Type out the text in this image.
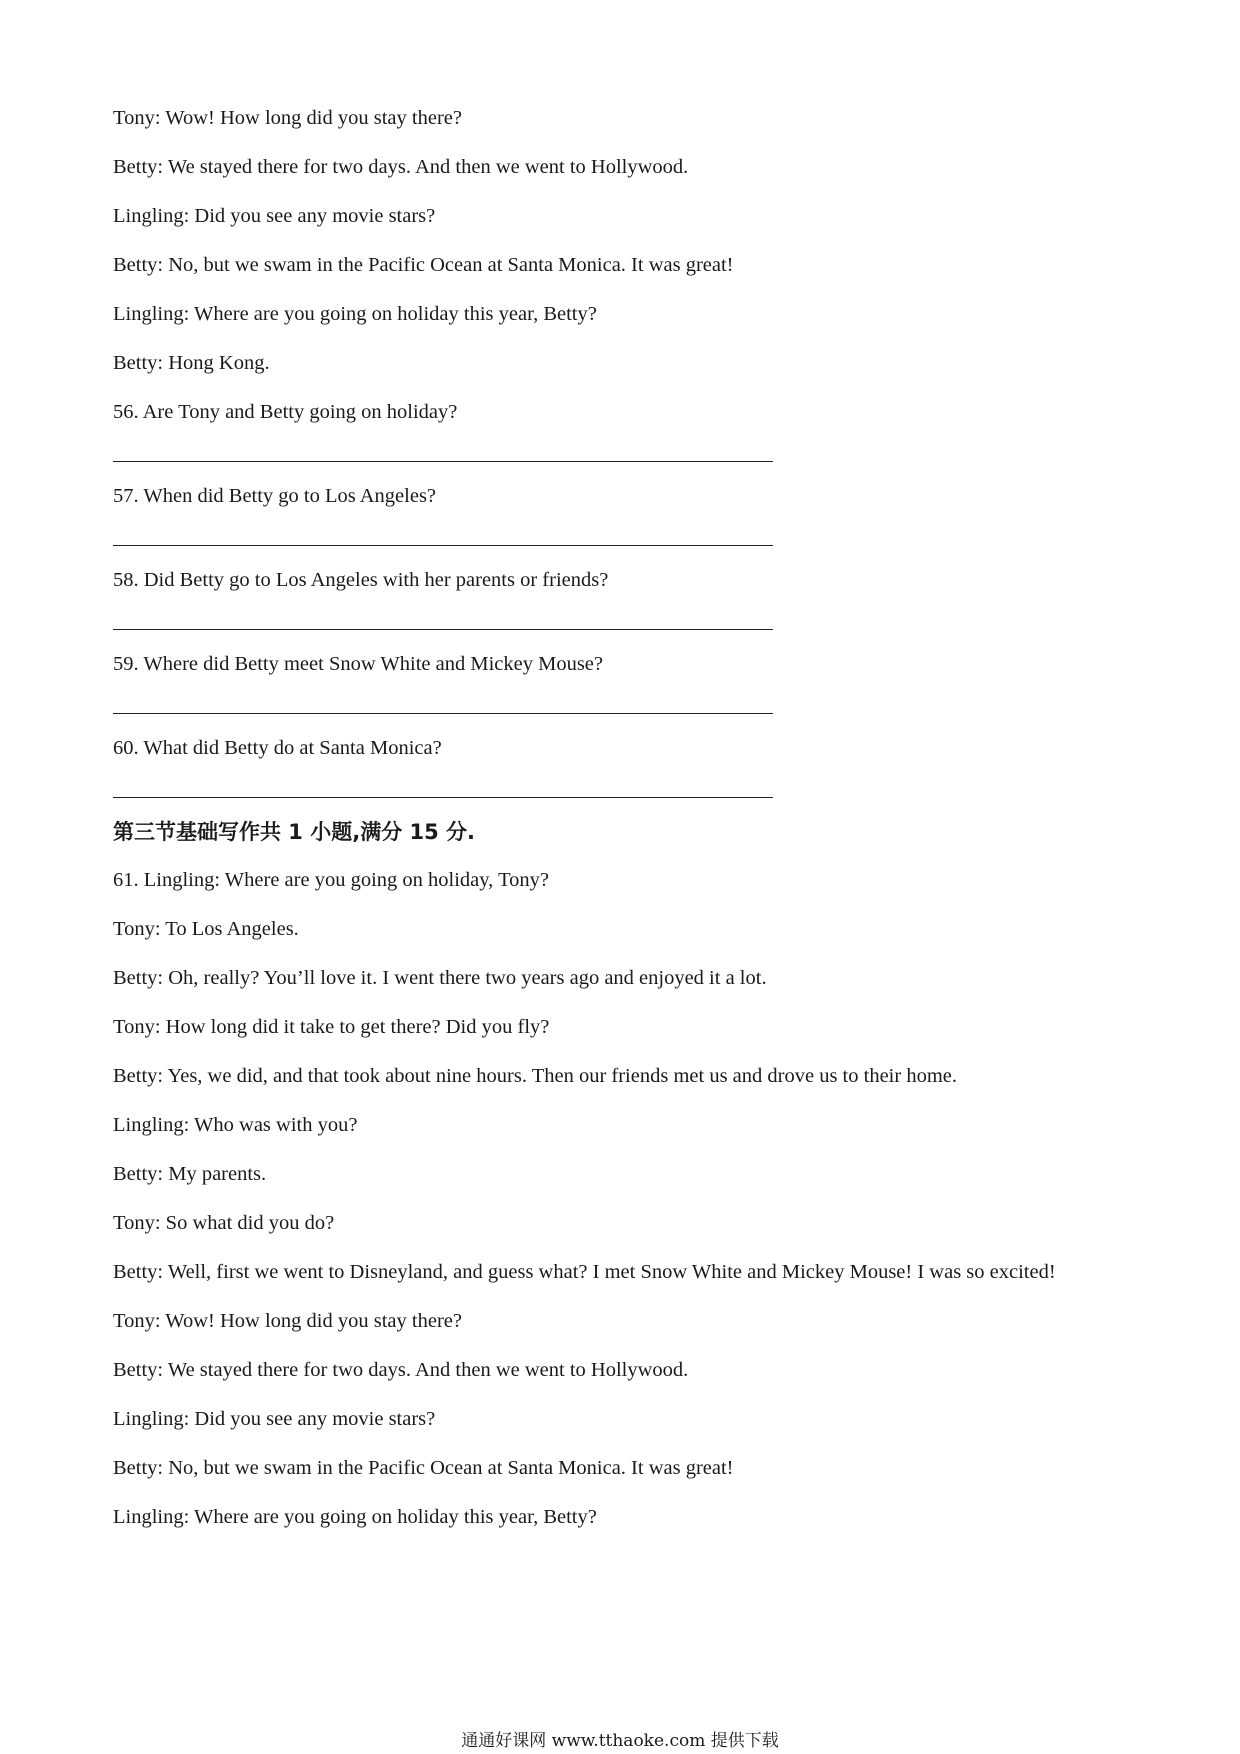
Tony: Wow! How long did you stay there?
Betty: We stayed there for two days. And then we went to Hollywood.
Lingling: Did you see any movie stars?
Betty: No, but we swam in the Pacific Ocean at Santa Monica. It was great!
Lingling: Where are you going on holiday this year, Betty?
Betty: Hong Kong.
56. Are Tony and Betty going on holiday?
57. When did Betty go to Los Angeles?
58. Did Betty go to Los Angeles with her parents or friends?
59. Where did Betty meet Snow White and Mickey Mouse?
60. What did Betty do at Santa Monica?
第三节基础写作共 1 小题,满分 15 分.
61. Lingling: Where are you going on holiday, Tony?
Tony: To Los Angeles.
Betty: Oh, really? You’ll love it. I went there two years ago and enjoyed it a lot.
Tony: How long did it take to get there? Did you fly?
Betty: Yes, we did, and that took about nine hours. Then our friends met us and drove us to their home.
Lingling: Who was with you?
Betty: My parents.
Tony: So what did you do?
Betty: Well, first we went to Disneyland, and guess what? I met Snow White and Mickey Mouse! I was so excited!
Tony: Wow! How long did you stay there?
Betty: We stayed there for two days. And then we went to Hollywood.
Lingling: Did you see any movie stars?
Betty: No, but we swam in the Pacific Ocean at Santa Monica. It was great!
Lingling: Where are you going on holiday this year, Betty?
通通好课网 www.tthaoke.com 提供下载
